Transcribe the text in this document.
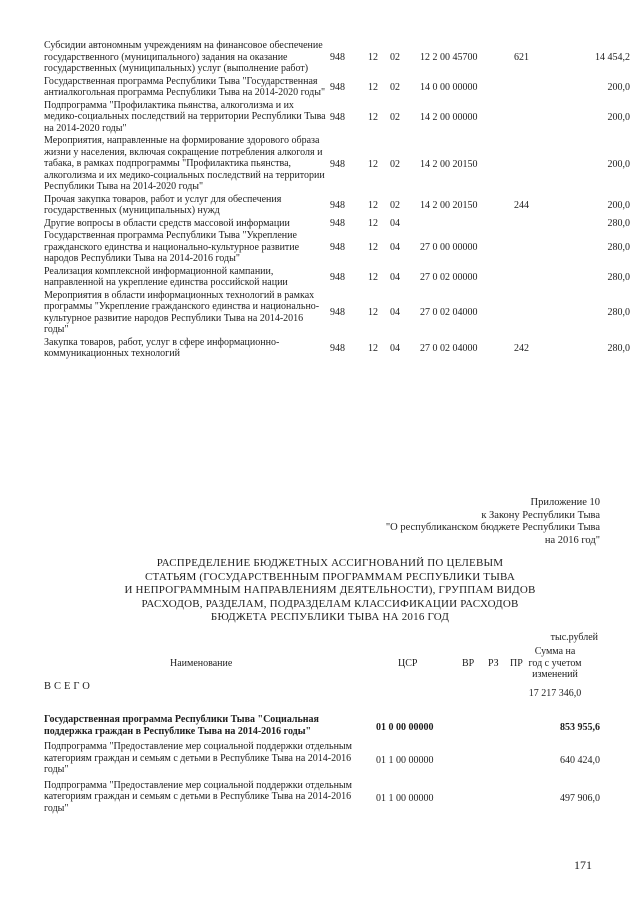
Субсидии автономным учреждениям на финансовое обеспечение государственного (муниципального) задания на оказание государственных (муниципальных) услуг (выполнение работ)	948	12	02	12 2 00 45700	621	14 454,2
Государственная программа Республики Тыва "Государственная антиалкогольная программа Республики Тыва на 2014-2020 годы"	948	12	02	14 0 00 00000		200,0
Подпрограмма "Профилактика пьянства, алкоголизма и их медико-социальных последствий на территории Республики Тыва на 2014-2020 годы"	948	12	02	14 2 00 00000		200,0
Мероприятия, направленные на формирование здорового образа жизни у населения, включая сокращение потребления алкоголя и табака, в рамках подпрограммы "Профилактика пьянства, алкоголизма и их медико-социальных последствий на территории Республики Тыва на 2014-2020 годы"	948	12	02	14 2 00 20150		200,0
Прочая закупка товаров, работ и услуг для обеспечения государственных (муниципальных) нужд	948	12	02	14 2 00 20150	244	200,0
Другие вопросы в области средств массовой информации	948	12	04			280,0
Государственная программа Республики Тыва "Укрепление гражданского единства и национально-культурное развитие народов Республики Тыва на 2014-2016 годы"	948	12	04	27 0 00 00000		280,0
Реализация комплексной информационной кампании, направленной на укрепление единства российской нации	948	12	04	27 0 02 00000		280,0
Мероприятия в области информационных технологий в рамках программы "Укрепление гражданского единства и национально-культурное развитие народов Республики Тыва на 2014-2016 годы"	948	12	04	27 0 02 04000		280,0
Закупка товаров, работ, услуг в сфере информационно-коммуникационных технологий	948	12	04	27 0 02 04000	242	280,0
Приложение 10
к Закону Республики Тыва
"О республиканском бюджете Республики Тыва
на 2016 год"
РАСПРЕДЕЛЕНИЕ БЮДЖЕТНЫХ АССИГНОВАНИЙ ПО ЦЕЛЕВЫМ
СТАТЬЯМ (ГОСУДАРСТВЕННЫМ ПРОГРАММАМ РЕСПУБЛИКИ ТЫВА
И НЕПРОГРАММНЫМ НАПРАВЛЕНИЯМ ДЕЯТЕЛЬНОСТИ), ГРУППАМ ВИДОВ
РАСХОДОВ, РАЗДЕЛАМ, ПОДРАЗДЕЛАМ КЛАССИФИКАЦИИ РАСХОДОВ
БЮДЖЕТА РЕСПУБЛИКИ ТЫВА НА 2016 ГОД
тыс.рублей
Сумма на
год с учетом
изменений
Наименование	ЦСР	ВР РЗ ПР
ВСЕГО
17 217 346,0
Государственная программа Республики Тыва "Социальная поддержка граждан в Республике Тыва на 2014-2016 годы"	01 0 00 00000	853 955,6
Подпрограмма "Предоставление мер социальной поддержки отдельным категориям граждан и семьям с детьми в Республике Тыва на 2014-2016 годы"	01 1 00 00000	640 424,0
Подпрограмма "Предоставление мер социальной поддержки отдельным категориям граждан и семьям с детьми в Республике Тыва на 2014-2016 годы"	01 1 00 00000	497 906,0
171
